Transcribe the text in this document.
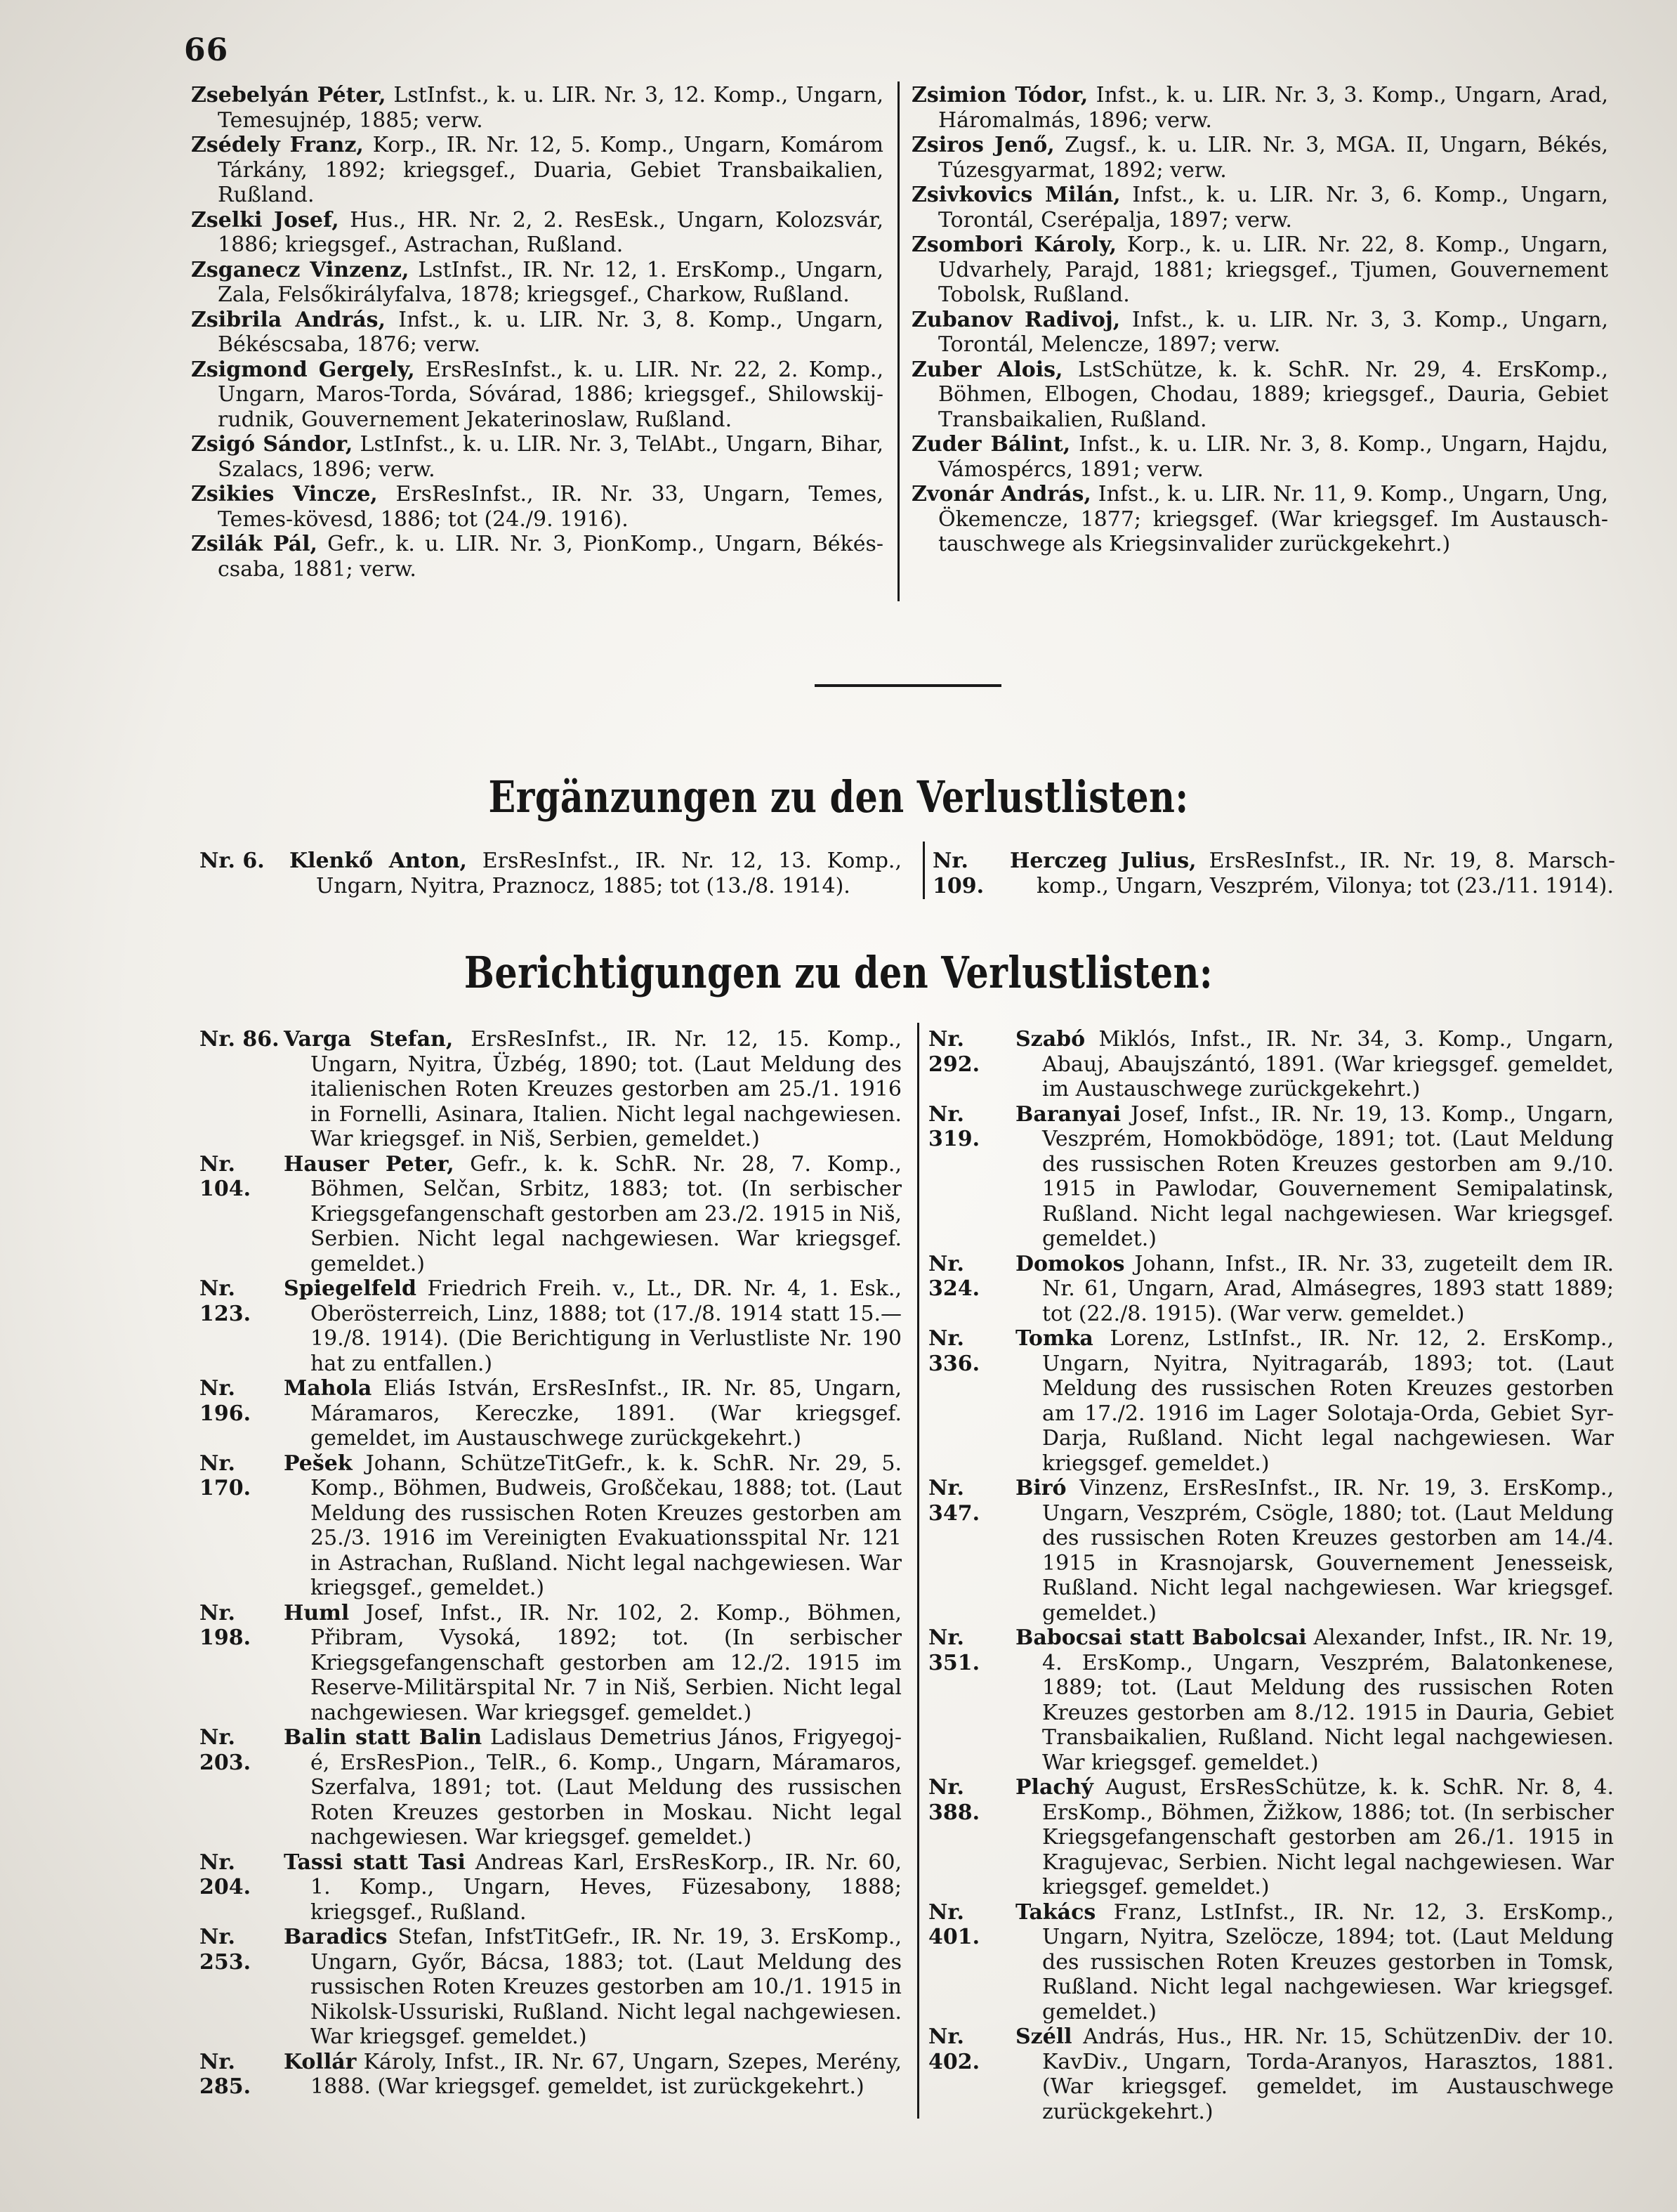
66

Zsebelyán Péter, LstInfst., k. u. LIR. Nr. 3, 12. Komp., Ungarn, Temesujnép, 1885; verw.

Zsédely Franz, Korp., IR. Nr. 12, 5. Komp., Ungarn, Komárom Tárkány, 1892; kriegsgef., Duaria, Gebiet Transbaikalien, Rußland.

Zselki Josef, Hus., HR. Nr. 2, 2. ResEsk., Ungarn, Kolozsvár, 1886; kriegsgef., Astrachan, Rußland.

Zsganecz Vinzenz, LstInfst., IR. Nr. 12, 1. ErsKomp., Ungarn, Zala, Felsőkirályfalva, 1878; kriegsgef., Charkow, Rußland.

Zsibrila András, Infst., k. u. LIR. Nr. 3, 8. Komp., Ungarn, Békéscsaba, 1876; verw.

Zsigmond Gergely, ErsResInfst., k. u. LIR. Nr. 22, 2. Komp., Ungarn, Maros-Torda, Sóvárad, 1886; kriegsgef., Shilowskij-rudnik, Gouvernement Jekaterinoslaw, Rußland.

Zsigó Sándor, LstInfst., k. u. LIR. Nr. 3, TelAbt., Ungarn, Bihar, Szalacs, 1896; verw.

Zsikies Vincze, ErsResInfst., IR. Nr. 33, Ungarn, Temes, Temes-kövesd, 1886; tot (24./9. 1916).

Zsilák Pál, Gefr., k. u. LIR. Nr. 3, PionKomp., Ungarn, Békés-csaba, 1881; verw.

Zsimion Tódor, Infst., k. u. LIR. Nr. 3, 3. Komp., Ungarn, Arad, Háromalmás, 1896; verw.

Zsiros Jenő, Zugsf., k. u. LIR. Nr. 3, MGA. II, Ungarn, Békés, Túzesgyarmat, 1892; verw.

Zsivkovics Milán, Infst., k. u. LIR. Nr. 3, 6. Komp., Ungarn, Torontál, Cserépalja, 1897; verw.

Zsombori Károly, Korp., k. u. LIR. Nr. 22, 8. Komp., Ungarn, Udvarhely, Parajd, 1881; kriegsgef., Tjumen, Gouvernement Tobolsk, Rußland.

Zubanov Radivoj, Infst., k. u. LIR. Nr. 3, 3. Komp., Ungarn, Torontál, Melencze, 1897; verw.

Zuber Alois, LstSchütze, k. k. SchR. Nr. 29, 4. ErsKomp., Böhmen, Elbogen, Chodau, 1889; kriegsgef., Dauria, Gebiet Transbaikalien, Rußland.

Zuder Bálint, Infst., k. u. LIR. Nr. 3, 8. Komp., Ungarn, Hajdu, Vámospércs, 1891; verw.

Zvonár András, Infst., k. u. LIR. Nr. 11, 9. Komp., Ungarn, Ung, Ökemencze, 1877; kriegsgef. (War kriegsgef. Im Austausch-tauschwege als Kriegsinvalider zurückgekehrt.)

Ergänzungen zu den Verlustlisten:
Nr. 6.	Klenkő Anton, ErsResInfst., IR. Nr. 12, 13. Komp., Ungarn, Nyitra, Praznocz, 1885; tot (13./8. 1914).
Nr. 109.
Herczeg Julius, ErsResInfst., IR. Nr. 19, 8. Marsch-komp., Ungarn, Veszprém, Vilonya; tot (23./11. 1914).
Berichtigungen zu den Verlustlisten:
Nr. 86. Varga Stefan, ErsResInfst., IR. Nr. 12, 15. Komp., Ungarn, Nyitra, Üzbég, 1890; tot. (Laut Meldung des italienischen Roten Kreuzes gestorben am 25./1. 1916 in Fornelli, Asinara, Italien. Nicht legal nachgewiesen. War kriegsgef. in Niš, Serbien, gemeldet.)
Nr. 104.
Hauser Peter, Gefr., k. k. SchR. Nr. 28, 7. Komp., Böhmen, Selčan, Srbitz, 1883; tot. (In serbischer Kriegsgefangenschaft gestorben am 23./2. 1915 in Niš, Serbien. Nicht legal nachgewiesen. War kriegsgef. gemeldet.)
Nr. 123.
Spiegelfeld Friedrich Freih. v., Lt., DR. Nr. 4, 1. Esk., Oberösterreich, Linz, 1888; tot (17./8. 1914 statt 15.—19./8. 1914). (Die Berichtigung in Verlustliste Nr. 190 hat zu entfallen.)
Nr. 196.
Mahola Eliás István, ErsResInfst., IR. Nr. 85, Ungarn, Máramaros, Kereczke, 1891. (War kriegsgef. gemeldet, im Austauschwege zurückgekehrt.)
Nr. 170.
Pešek Johann, SchützeTitGefr., k. k. SchR. Nr. 29, 5. Komp., Böhmen, Budweis, Großčekau, 1888; tot. (Laut Meldung des russischen Roten Kreuzes gestorben am 25./3. 1916 im Vereinigten Evakuationsspital Nr. 121 in Astrachan, Rußland. Nicht legal nachgewiesen. War kriegsgef., gemeldet.)
Nr. 198.
Huml Josef, Infst., IR. Nr. 102, 2. Komp., Böhmen, Přibram, Vysoká, 1892; tot. (In serbischer Kriegsgefangenschaft gestorben am 12./2. 1915 im Reserve-Militärspital Nr. 7 in Niš, Serbien. Nicht legal nachgewiesen. War kriegsgef. gemeldet.)
Nr. 203.
Balin statt Balin Ladislaus Demetrius János, Frigyegoj-é, ErsResPion., TelR., 6. Komp., Ungarn, Máramaros, Szerfalva, 1891; tot. (Laut Meldung des russischen Roten Kreuzes gestorben in Moskau. Nicht legal nachgewiesen. War kriegsgef. gemeldet.)
Nr. 204.
Tassi statt Tasi Andreas Karl, ErsResKorp., IR. Nr. 60, 1. Komp., Ungarn, Heves, Füzesabony, 1888; kriegsgef., Rußland.
Nr. 253.
Baradics Stefan, InfstTitGefr., IR. Nr. 19, 3. ErsKomp., Ungarn, Győr, Bácsa, 1883; tot. (Laut Meldung des russischen Roten Kreuzes gestorben am 10./1. 1915 in Nikolsk-Ussuriski, Rußland. Nicht legal nachgewiesen. War kriegsgef. gemeldet.)
Nr. 285.
Kollár Károly, Infst., IR. Nr. 67, Ungarn, Szepes, Merény, 1888. (War kriegsgef. gemeldet, ist zurückgekehrt.)
Nr. 292.
Szabó Miklós, Infst., IR. Nr. 34, 3. Komp., Ungarn, Abauj, Abaujszántó, 1891. (War kriegsgef. gemeldet, im Austauschwege zurückgekehrt.)
Nr. 319.
Baranyai Josef, Infst., IR. Nr. 19, 13. Komp., Ungarn, Veszprém, Homokbödöge, 1891; tot. (Laut Meldung des russischen Roten Kreuzes gestorben am 9./10. 1915 in Pawlodar, Gouvernement Semipalatinsk, Rußland. Nicht legal nachgewiesen. War kriegsgef. gemeldet.)
Nr. 324.
Domokos Johann, Infst., IR. Nr. 33, zugeteilt dem IR. Nr. 61, Ungarn, Arad, Almásegres, 1893 statt 1889; tot (22./8. 1915). (War verw. gemeldet.)
Nr. 336.
Tomka Lorenz, LstInfst., IR. Nr. 12, 2. ErsKomp., Ungarn, Nyitra, Nyitragaráb, 1893; tot. (Laut Meldung des russischen Roten Kreuzes gestorben am 17./2. 1916 im Lager Solotaja-Orda, Gebiet Syr-Darja, Rußland. Nicht legal nachgewiesen. War kriegsgef. gemeldet.)
Nr. 347.
Biró Vinzenz, ErsResInfst., IR. Nr. 19, 3. ErsKomp., Ungarn, Veszprém, Csögle, 1880; tot. (Laut Meldung des russischen Roten Kreuzes gestorben am 14./4. 1915 in Krasnojarsk, Gouvernement Jenesseisk, Rußland. Nicht legal nachgewiesen. War kriegsgef. gemeldet.)
Nr. 351.
Babocsai statt Babolcsai Alexander, Infst., IR. Nr. 19, 4. ErsKomp., Ungarn, Veszprém, Balatonkenese, 1889; tot. (Laut Meldung des russischen Roten Kreuzes gestorben am 8./12. 1915 in Dauria, Gebiet Transbaikalien, Rußland. Nicht legal nachgewiesen. War kriegsgef. gemeldet.)
Nr. 388.
Plachý August, ErsResSchütze, k. k. SchR. Nr. 8, 4. ErsKomp., Böhmen, Žižkow, 1886; tot. (In serbischer Kriegsgefangenschaft gestorben am 26./1. 1915 in Kragujevac, Serbien. Nicht legal nachgewiesen. War kriegsgef. gemeldet.)
Nr. 401.
Takács Franz, LstInfst., IR. Nr. 12, 3. ErsKomp., Ungarn, Nyitra, Szelöcze, 1894; tot. (Laut Meldung des russischen Roten Kreuzes gestorben in Tomsk, Rußland. Nicht legal nachgewiesen. War kriegsgef. gemeldet.)
Nr. 402.
Széll András, Hus., HR. Nr. 15, SchützenDiv. der 10. KavDiv., Ungarn, Torda-Aranyos, Harasztos, 1881. (War kriegsgef. gemeldet, im Austauschwege zurückgekehrt.)
